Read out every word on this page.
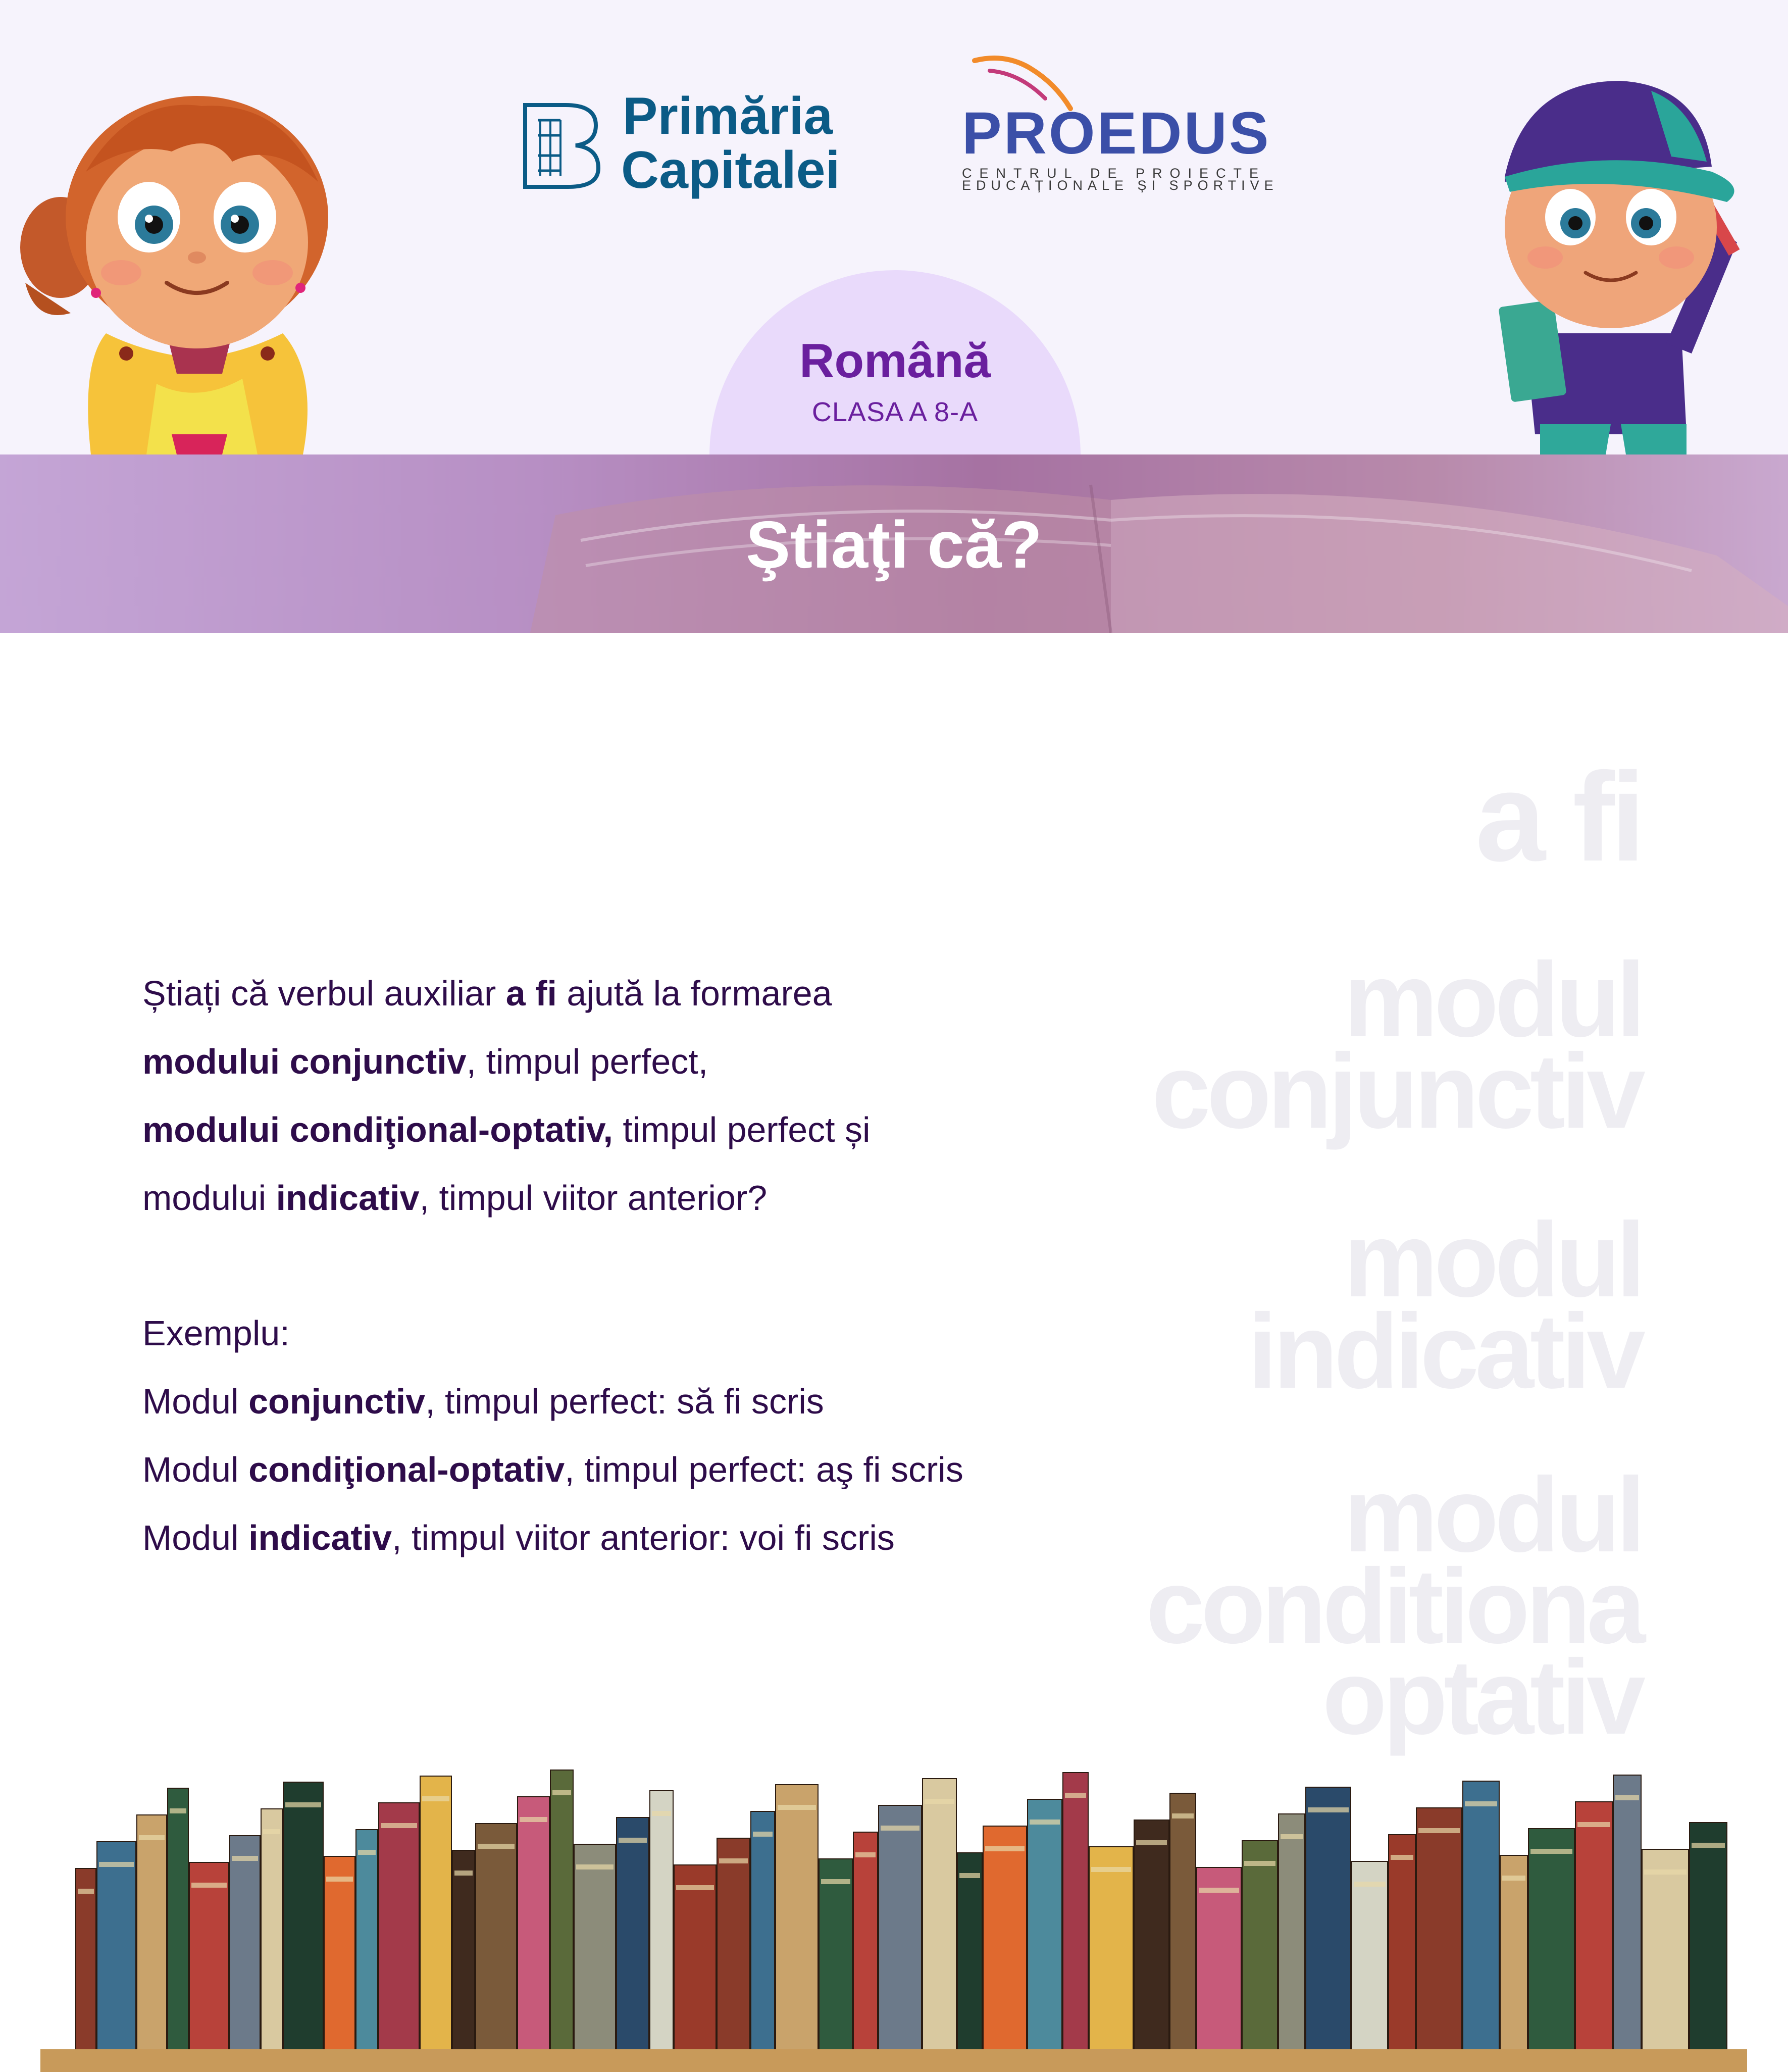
Primăria
Capitalei
PROEDUS
CENTRUL DE PROIECTE
EDUCAȚIONALE ȘI SPORTIVE
Română
CLASA A 8-A
Ştiaţi că?
a fi
modul
conjunctiv
modul
indicativ
modul
conditiona
optativ
Știați că verbul auxiliar a fi ajută la formarea
modului conjunctiv, timpul perfect,
modului condiţional-optativ, timpul perfect și
modului indicativ, timpul viitor anterior?
Exemplu:
Modul conjunctiv, timpul perfect: să fi scris
Modul condiţional-optativ, timpul perfect: aş fi scris
Modul indicativ, timpul viitor anterior: voi fi scris
